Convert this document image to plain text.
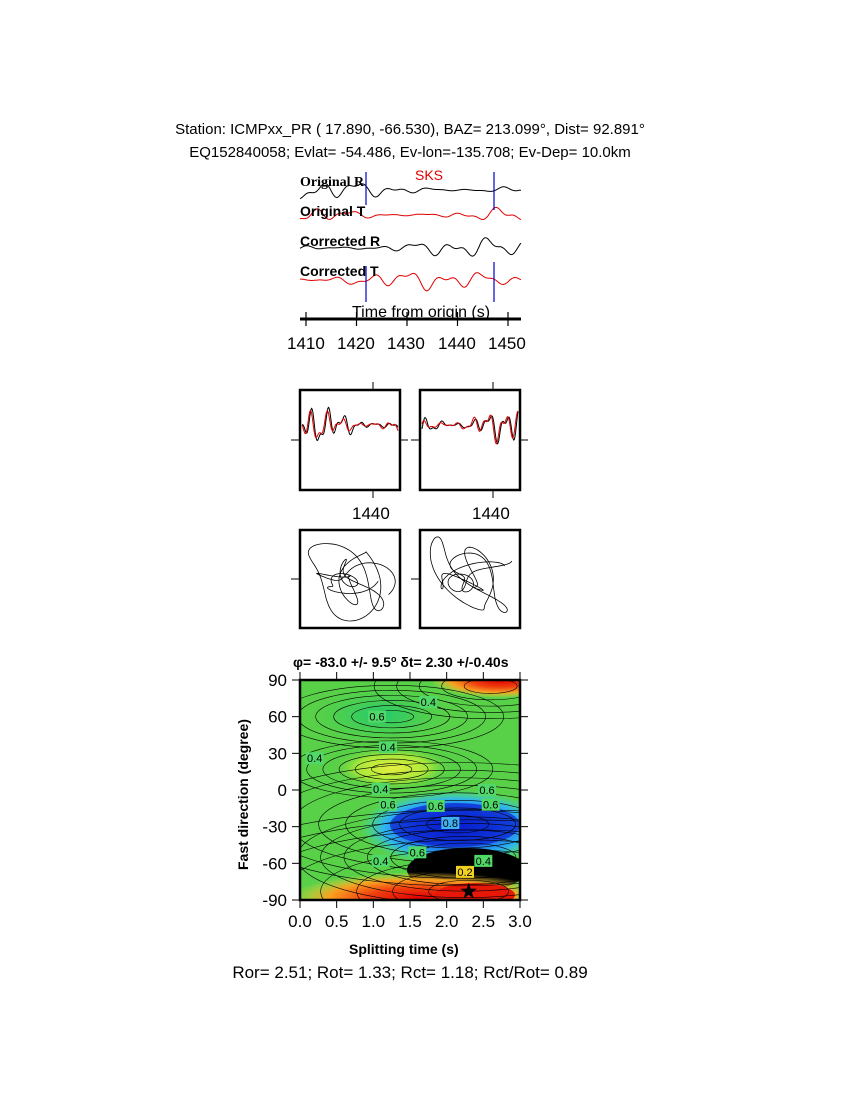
Station: ICMPxx_PR ( 17.890, -66.530), BAZ= 213.099°, Dist= 92.891°
EQ152840058; Evlat= -54.486, Ev-lon=-135.708; Ev-Dep= 10.0km
Original R
Original T
Corrected R
Corrected T
SKS
Time from origin (s)
1410 1420 1430 1440 1450
1440	1440
φ= -83.0 +/- 9.5$^o$ δt= 2.30 +/-0.40s
0.6
0.4
0.4
0.4
0.4
0.6	0.6	0.6
0.6
0.8
0.6
0.4	0.4
0.2
0.0 0.5 1.0 1.5 2.0 2.5 3.0
90
60
30
0
-30
-60
-90
Splitting time (s)
Fast direction (degree)
Ror= 2.51; Rot= 1.33; Rct= 1.18; Rct/Rot= 0.89
